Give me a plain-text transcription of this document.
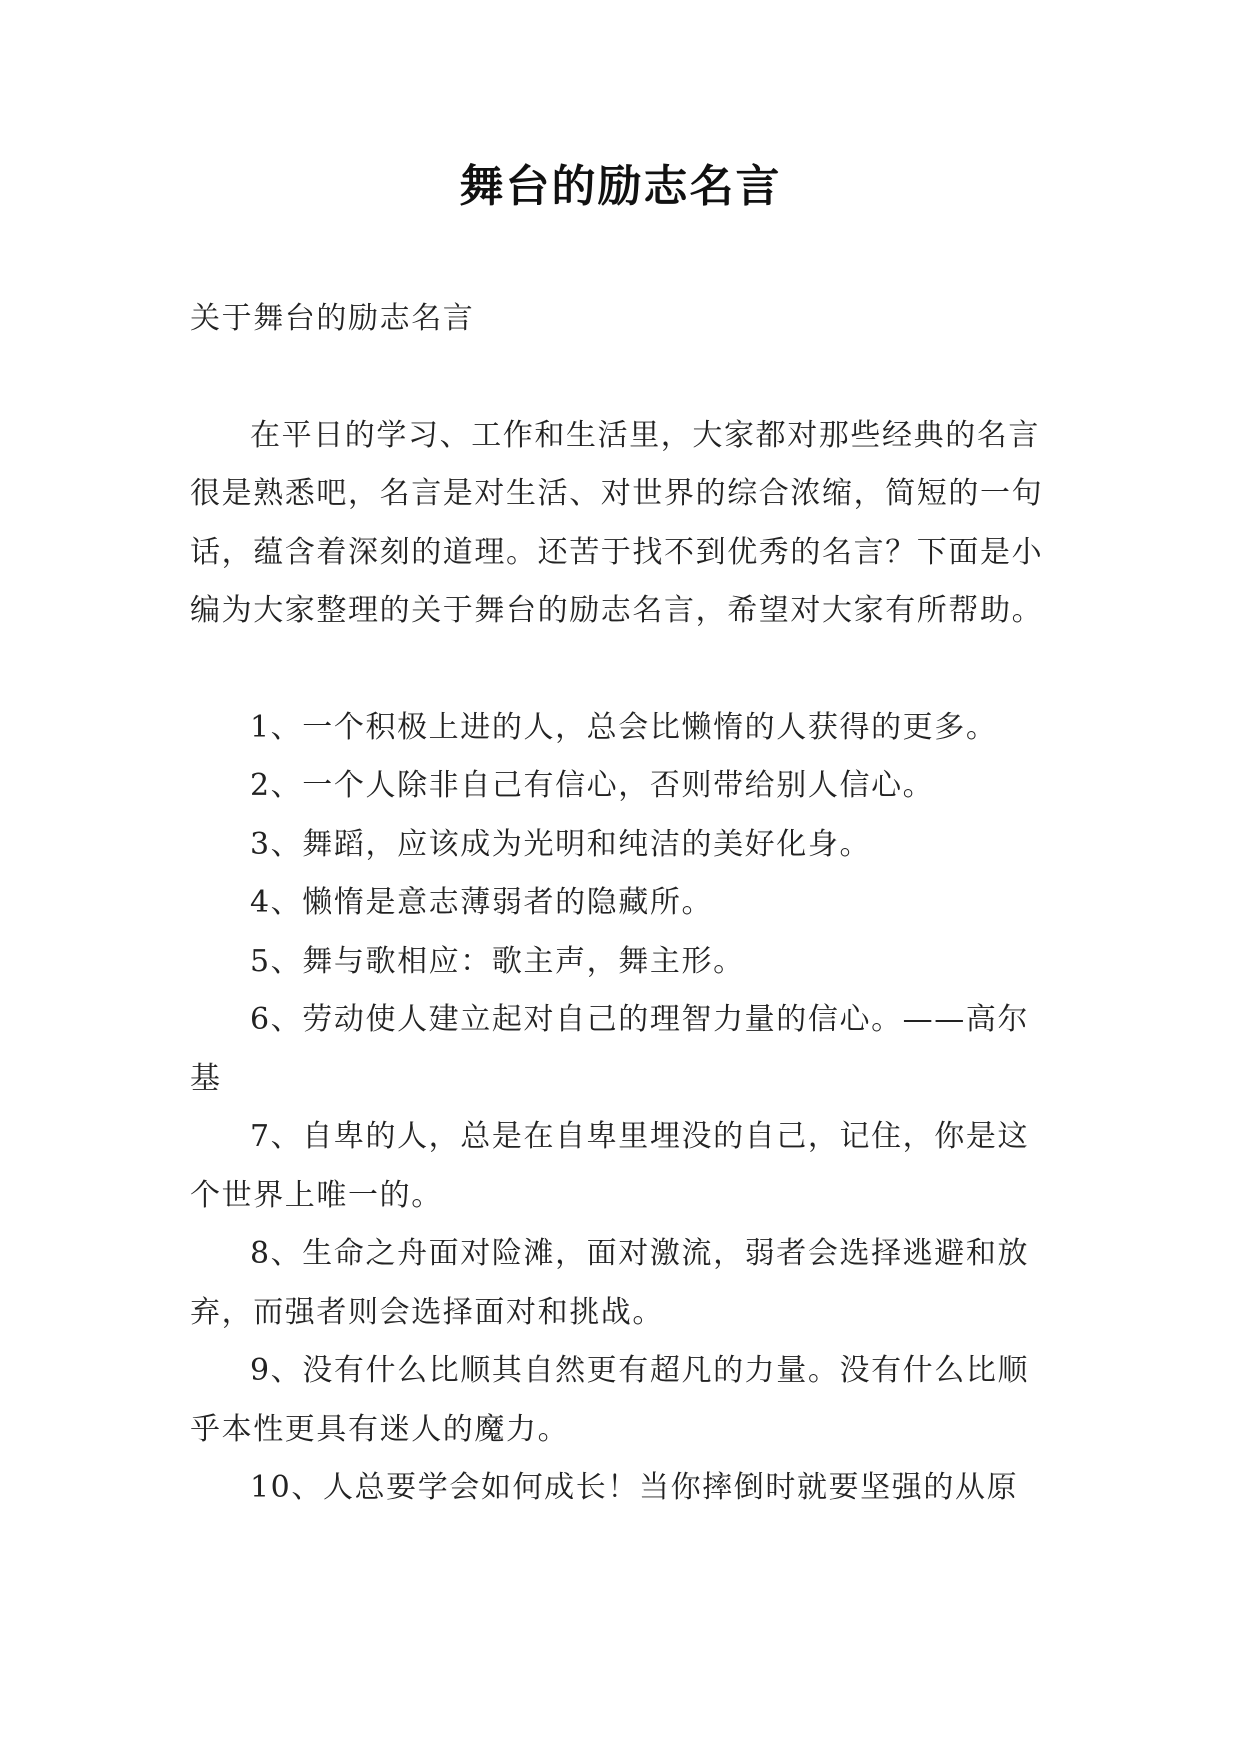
舞台的励志名言

关于舞台的励志名言

在平日的学习、工作和生活里，大家都对那些经典的名言很是熟悉吧，名言是对生活、对世界的综合浓缩，简短的一句话，蕴含着深刻的道理。还苦于找不到优秀的名言？下面是小编为大家整理的关于舞台的励志名言，希望对大家有所帮助。

1、一个积极上进的人，总会比懒惰的人获得的更多。

2、一个人除非自己有信心，否则带给别人信心。

3、舞蹈，应该成为光明和纯洁的美好化身。

4、懒惰是意志薄弱者的隐藏所。

5、舞与歌相应：歌主声，舞主形。

6、劳动使人建立起对自己的理智力量的信心。——高尔基

7、自卑的人，总是在自卑里埋没的自己，记住，你是这个世界上唯一的。

8、生命之舟面对险滩，面对激流，弱者会选择逃避和放弃，而强者则会选择面对和挑战。

9、没有什么比顺其自然更有超凡的力量。没有什么比顺乎本性更具有迷人的魔力。

10、人总要学会如何成长！当你摔倒时就要坚强的从原
